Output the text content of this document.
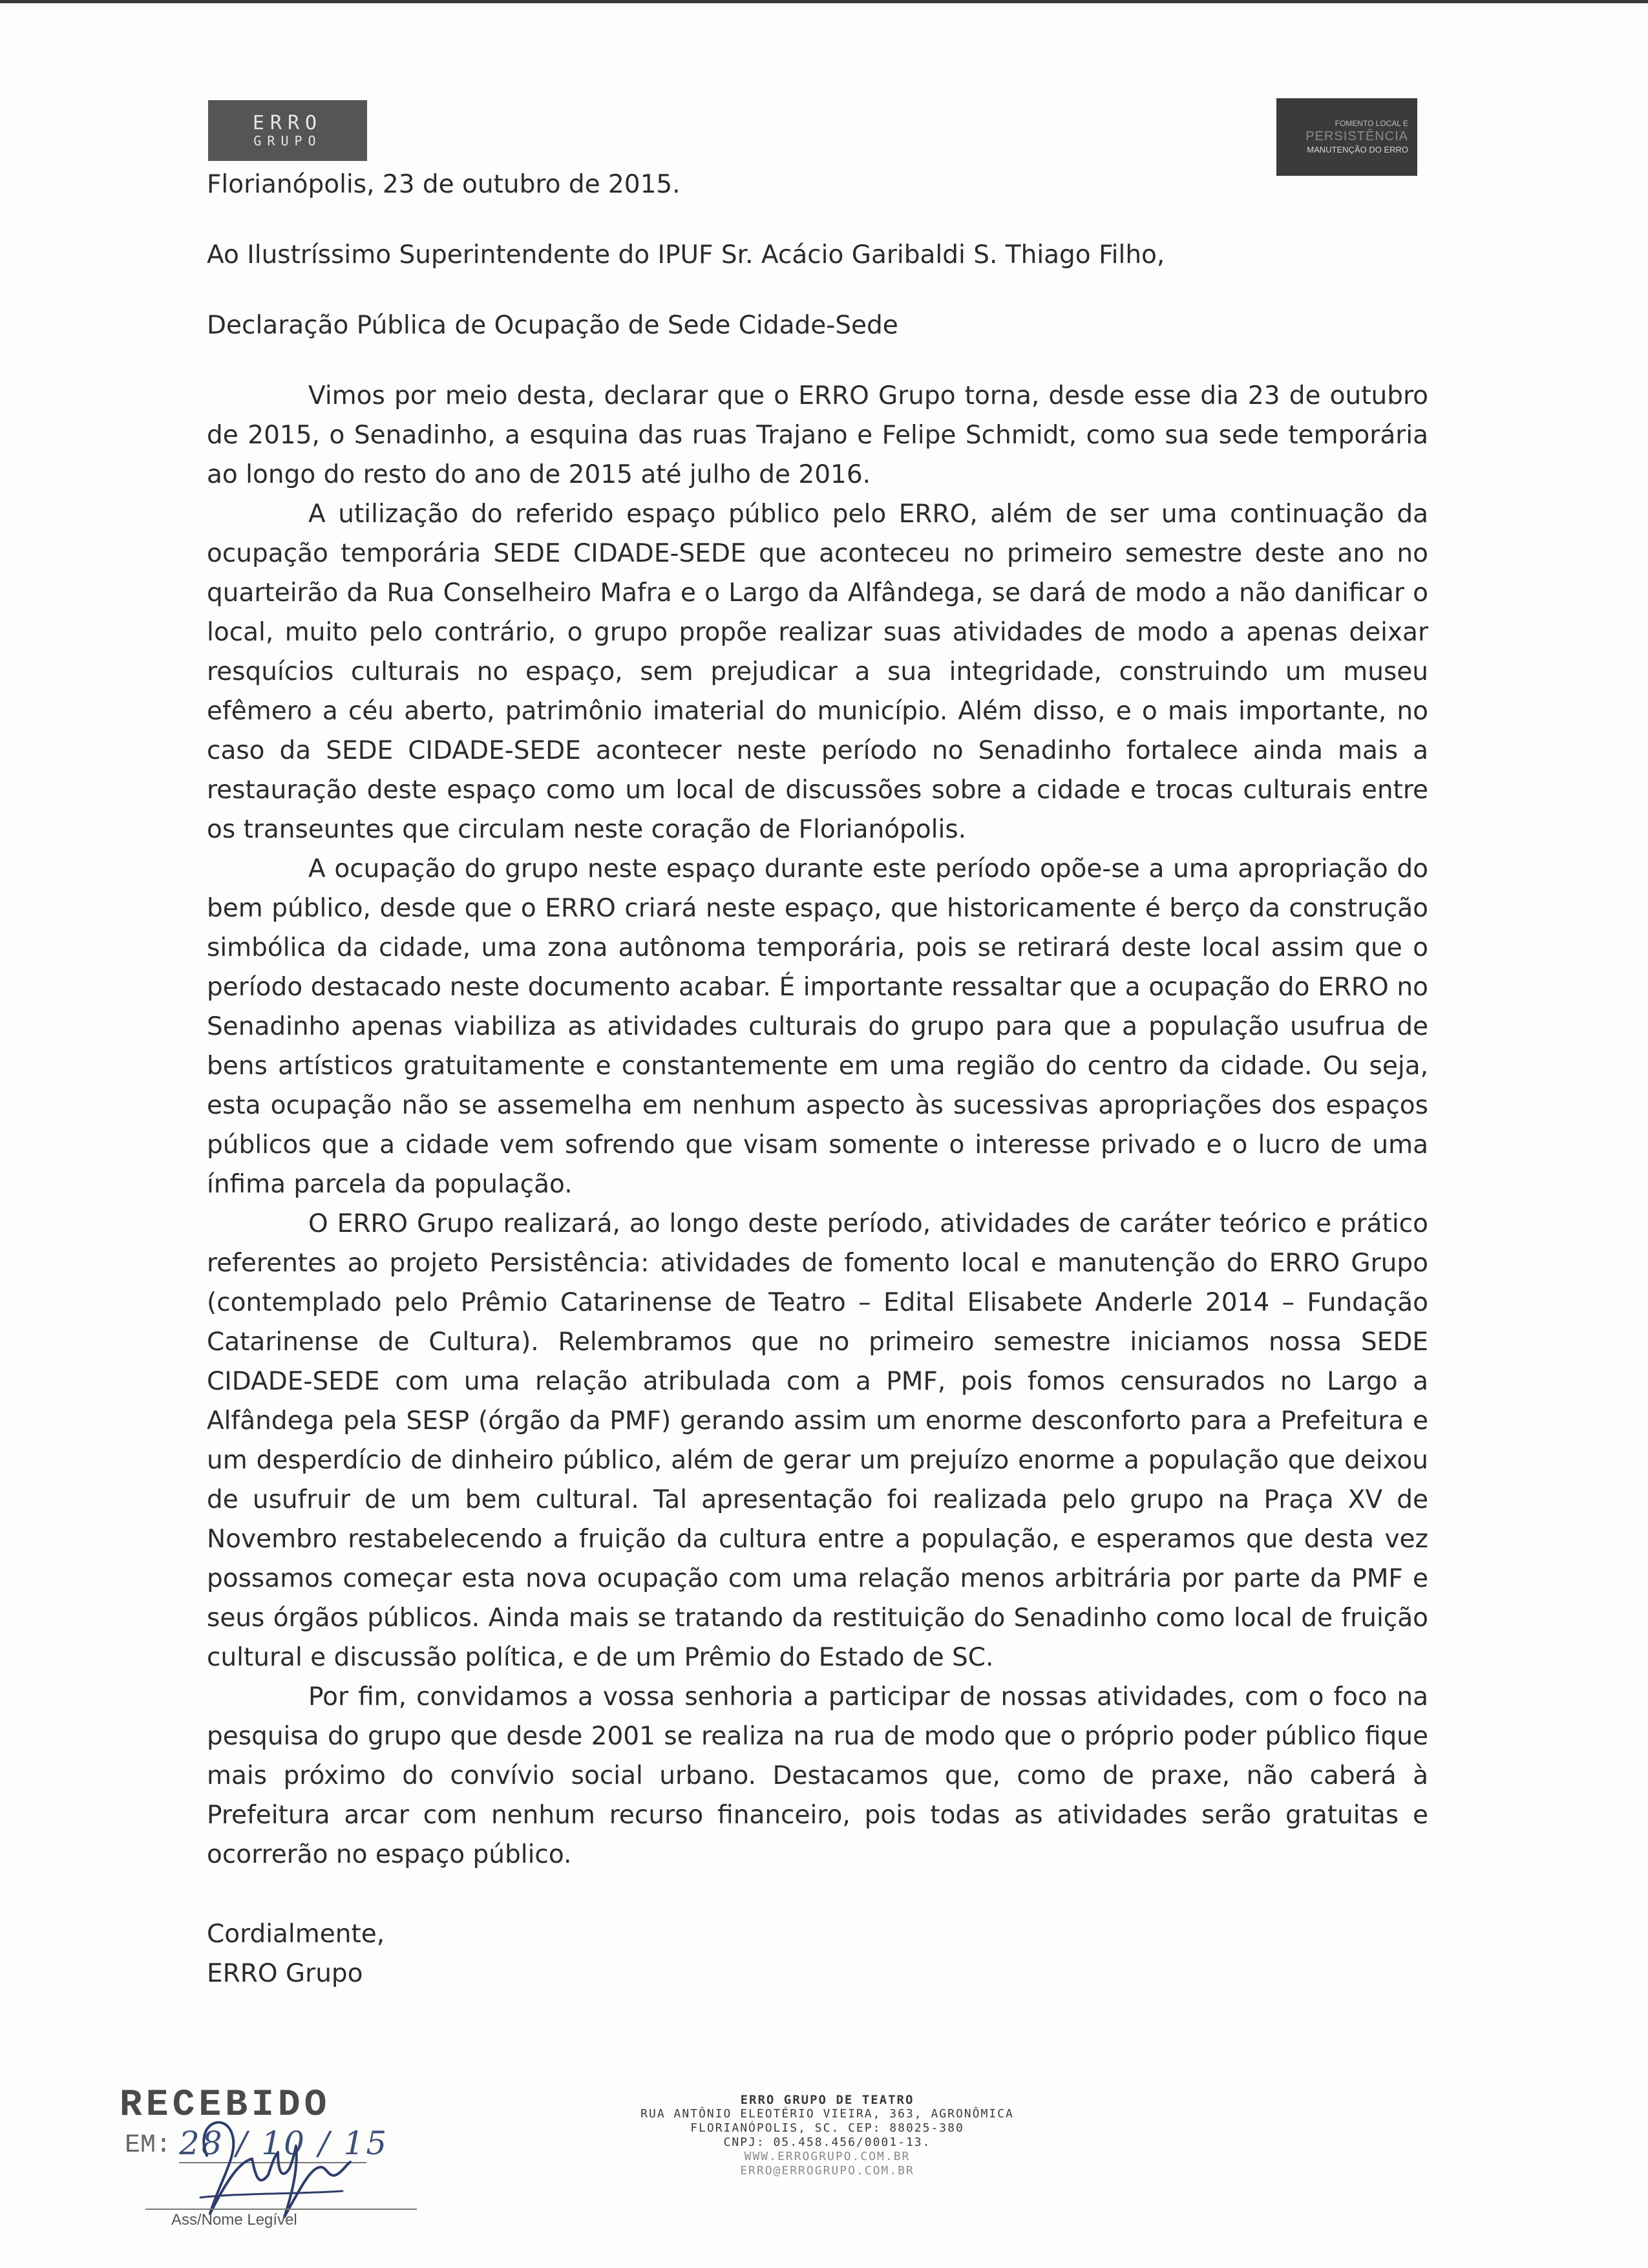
ERRO
GRUPO
FOMENTO LOCAL E
PERSISTÊNCIA
MANUTENÇÃO DO ERRO

Florianópolis, 23 de outubro de 2015.

Ao Ilustríssimo Superintendente do IPUF Sr. Acácio Garibaldi S. Thiago Filho,

Declaração Pública de Ocupação de Sede Cidade-Sede

Vimos por meio desta, declarar que o ERRO Grupo torna, desde esse dia 23 de outubro de 2015, o Senadinho, a esquina das ruas Trajano e Felipe Schmidt, como sua sede temporária ao longo do resto do ano de 2015 até julho de 2016.

A utilização do referido espaço público pelo ERRO, além de ser uma continuação da ocupação temporária SEDE CIDADE-SEDE que aconteceu no primeiro semestre deste ano no quarteirão da Rua Conselheiro Mafra e o Largo da Alfândega, se dará de modo a não danificar o local, muito pelo contrário, o grupo propõe realizar suas atividades de modo a apenas deixar resquícios culturais no espaço, sem prejudicar a sua integridade, construindo um museu efêmero a céu aberto, patrimônio imaterial do município. Além disso, e o mais importante, no caso da SEDE CIDADE-SEDE acontecer neste período no Senadinho fortalece ainda mais a restauração deste espaço como um local de discussões sobre a cidade e trocas culturais entre os transeuntes que circulam neste coração de Florianópolis.

A ocupação do grupo neste espaço durante este período opõe-se a uma apropriação do bem público, desde que o ERRO criará neste espaço, que historicamente é berço da construção simbólica da cidade, uma zona autônoma temporária, pois se retirará deste local assim que o período destacado neste documento acabar. É importante ressaltar que a ocupação do ERRO no Senadinho apenas viabiliza as atividades culturais do grupo para que a população usufrua de bens artísticos gratuitamente e constantemente em uma região do centro da cidade. Ou seja, esta ocupação não se assemelha em nenhum aspecto às sucessivas apropriações dos espaços públicos que a cidade vem sofrendo que visam somente o interesse privado e o lucro de uma ínfima parcela da população.

O ERRO Grupo realizará, ao longo deste período, atividades de caráter teórico e prático referentes ao projeto Persistência: atividades de fomento local e manutenção do ERRO Grupo (contemplado pelo Prêmio Catarinense de Teatro – Edital Elisabete Anderle 2014 – Fundação Catarinense de Cultura). Relembramos que no primeiro semestre iniciamos nossa SEDE CIDADE-SEDE com uma relação atribulada com a PMF, pois fomos censurados no Largo a Alfândega pela SESP (órgão da PMF) gerando assim um enorme desconforto para a Prefeitura e um desperdício de dinheiro público, além de gerar um prejuízo enorme a população que deixou de usufruir de um bem cultural. Tal apresentação foi realizada pelo grupo na Praça XV de Novembro restabelecendo a fruição da cultura entre a população, e esperamos que desta vez possamos começar esta nova ocupação com uma relação menos arbitrária por parte da PMF e seus órgãos públicos. Ainda mais se tratando da restituição do Senadinho como local de fruição cultural e discussão política, e de um Prêmio do Estado de SC.

Por fim, convidamos a vossa senhoria a participar de nossas atividades, com o foco na pesquisa do grupo que desde 2001 se realiza na rua de modo que o próprio poder público fique mais próximo do convívio social urbano. Destacamos que, como de praxe, não caberá à Prefeitura arcar com nenhum recurso financeiro, pois todas as atividades serão gratuitas e ocorrerão no espaço público.

Cordialmente,

ERRO Grupo

RECEBIDO
EM: 28 / 10 / 15
Ass/Nome Legível
ERRO GRUPO DE TEATRO
RUA ANTÔNIO ELEOTÉRIO VIEIRA, 363, AGRONÔMICA
FLORIANÓPOLIS, SC. CEP: 88025-380
CNPJ: 05.458.456/0001-13.
WWW.ERROGRUPO.COM.BR
ERRO@ERROGRUPO.COM.BR
